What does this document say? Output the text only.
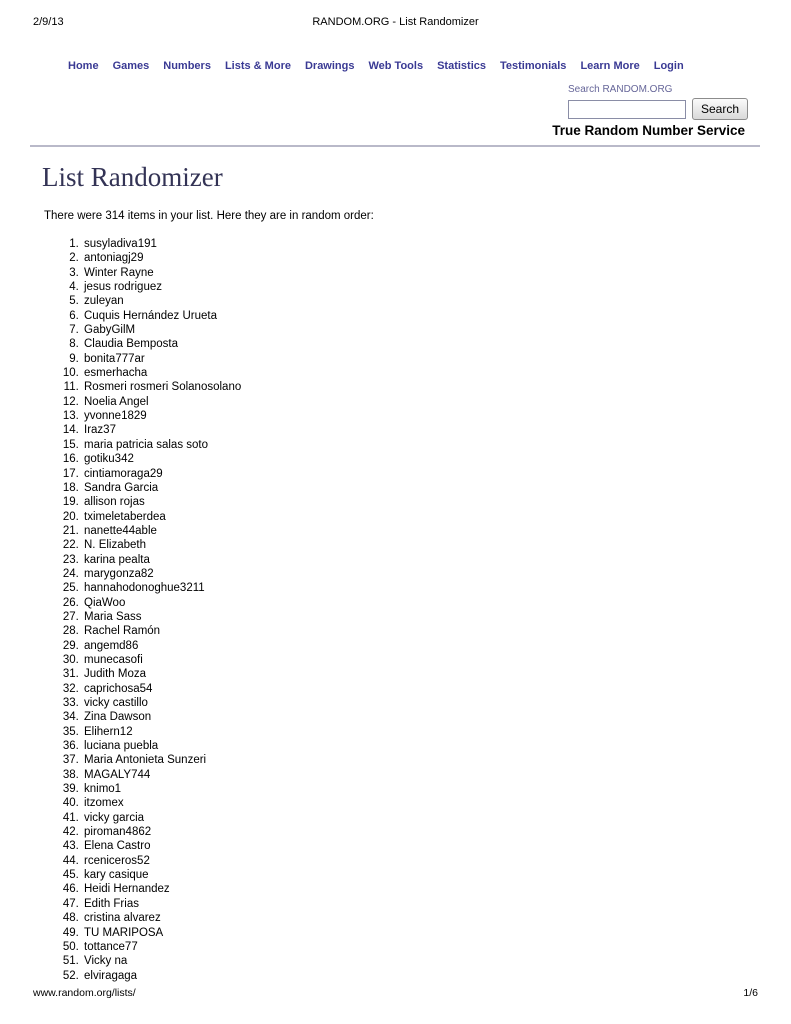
2/9/13	RANDOM.ORG - List Randomizer
Home Games Numbers Lists & More Drawings Web Tools Statistics Testimonials Learn More Login
Search RANDOM.ORG
Search
True Random Number Service
List Randomizer

There were 314 items in your list. Here they are in random order:

1. susyladiva191
2. antoniagj29
3. Winter Rayne
4. jesus rodriguez
5. zuleyan
6. Cuquis Hernández Urueta
7. GabyGilM
8. Claudia Bemposta
9. bonita777ar
10. esmerhacha
11. Rosmeri rosmeri Solanosolano
12. Noelia Angel
13. yvonne1829
14. Iraz37
15. maria patricia salas soto
16. gotiku342
17. cintiamoraga29
18. Sandra Garcia
19. allison rojas
20. tximeletaberdea
21. nanette44able
22. N. Elizabeth
23. karina pealta
24. marygonza82
25. hannahodonoghue3211
26. QiaWoo
27. Maria Sass
28. Rachel Ramón
29. angemd86
30. munecasofi
31. Judith Moza
32. caprichosa54
33. vicky castillo
34. Zina Dawson
35. Elihern12
36. luciana puebla
37. Maria Antonieta Sunzeri
38. MAGALY744
39. knimo1
40. itzomex
41. vicky garcia
42. piroman4862
43. Elena Castro
44. rceniceros52
45. kary casique
46. Heidi Hernandez
47. Edith Frias
48. cristina alvarez
49. TU MARIPOSA
50. tottance77
51. Vicky na
52. elviragaga
www.random.org/lists/	1/6
